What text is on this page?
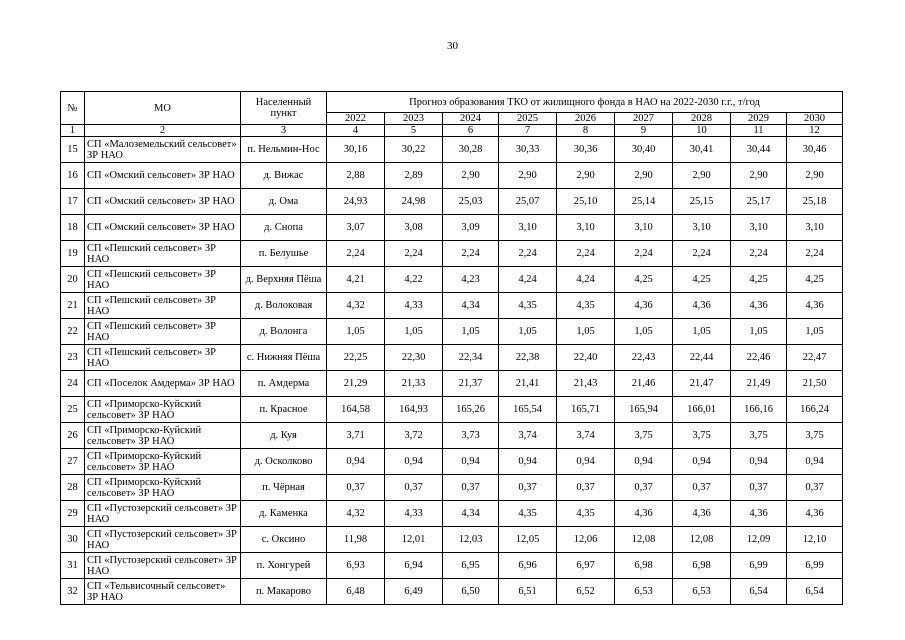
30
№	МО	Населенный пункт	Прогноз образования ТКО от жилищного фонда в НАО на 2022-2030 г.г., т/год								
			2022	2023	2024	2025	2026	2027	2028	2029	2030
1	2	3	4	5	6	7	8	9	10	11	12
15	СП «Малоземельский сельсовет» ЗР НАО	п. Нельмин-Нос	30,16	30,22	30,28	30,33	30,36	30,40	30,41	30,44	30,46
16	СП «Омский сельсовет» ЗР НАО	д. Вижас	2,88	2,89	2,90	2,90	2,90	2,90	2,90	2,90	2,90
17	СП «Омский сельсовет» ЗР НАО	д. Ома	24,93	24,98	25,03	25,07	25,10	25,14	25,15	25,17	25,18
18	СП «Омский сельсовет» ЗР НАО	д. Снопа	3,07	3,08	3,09	3,10	3,10	3,10	3,10	3,10	3,10
19	СП «Пешский сельсовет» ЗР НАО	п. Белушье	2,24	2,24	2,24	2,24	2,24	2,24	2,24	2,24	2,24
20	СП «Пешский сельсовет» ЗР НАО	д. Верхняя Пёша	4,21	4,22	4,23	4,24	4,24	4,25	4,25	4,25	4,25
21	СП «Пешский сельсовет» ЗР НАО	д. Волоковая	4,32	4,33	4,34	4,35	4,35	4,36	4,36	4,36	4,36
22	СП «Пешский сельсовет» ЗР НАО	д. Волонга	1,05	1,05	1,05	1,05	1,05	1,05	1,05	1,05	1,05
23	СП «Пешский сельсовет» ЗР НАО	с. Нижняя Пёша	22,25	22,30	22,34	22,38	22,40	22,43	22,44	22,46	22,47
24	СП «Поселок Амдерма» ЗР НАО	п. Амдерма	21,29	21,33	21,37	21,41	21,43	21,46	21,47	21,49	21,50
25	СП «Приморско-Куйский сельсовет» ЗР НАО	п. Красное	164,58	164,93	165,26	165,54	165,71	165,94	166,01	166,16	166,24
26	СП «Приморско-Куйский сельсовет» ЗР НАО	д. Куя	3,71	3,72	3,73	3,74	3,74	3,75	3,75	3,75	3,75
27	СП «Приморско-Куйский сельсовет» ЗР НАО	д. Осколково	0,94	0,94	0,94	0,94	0,94	0,94	0,94	0,94	0,94
28	СП «Приморско-Куйский сельсовет» ЗР НАО	п. Чёрная	0,37	0,37	0,37	0,37	0,37	0,37	0,37	0,37	0,37
29	СП «Пустозерский сельсовет» ЗР НАО	д. Каменка	4,32	4,33	4,34	4,35	4,35	4,36	4,36	4,36	4,36
30	СП «Пустозерский сельсовет» ЗР НАО	с. Оксино	11,98	12,01	12,03	12,05	12,06	12,08	12,08	12,09	12,10
31	СП «Пустозерский сельсовет» ЗР НАО	п. Хонгурей	6,93	6,94	6,95	6,96	6,97	6,98	6,98	6,99	6,99
32	СП «Тельвисочный сельсовет» ЗР НАО	п. Макарово	6,48	6,49	6,50	6,51	6,52	6,53	6,53	6,54	6,54
